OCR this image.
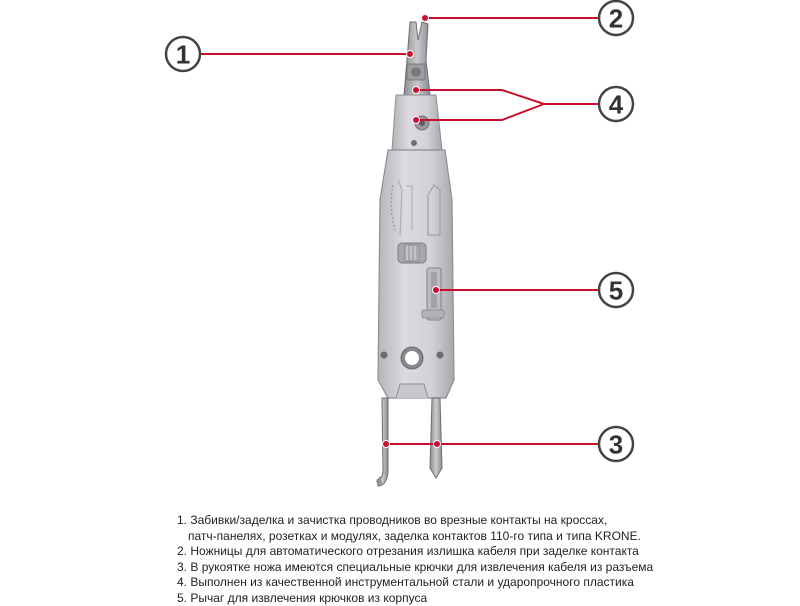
1
2
4
5
3
1. Забивки/заделка и зачистка проводников во врезные контакты на кроссах,
патч-панелях, розетках и модулях, заделка контактов 110-го типа и типа KRONE.
2. Ножницы для автоматического отрезания излишка кабеля при заделке контакта
3. В рукоятке ножа имеются специальные крючки для извлечения кабеля из разъема
4. Выполнен из качественной инструментальной стали и ударопрочного пластика
5. Рычаг для извлечения крючков из корпуса
